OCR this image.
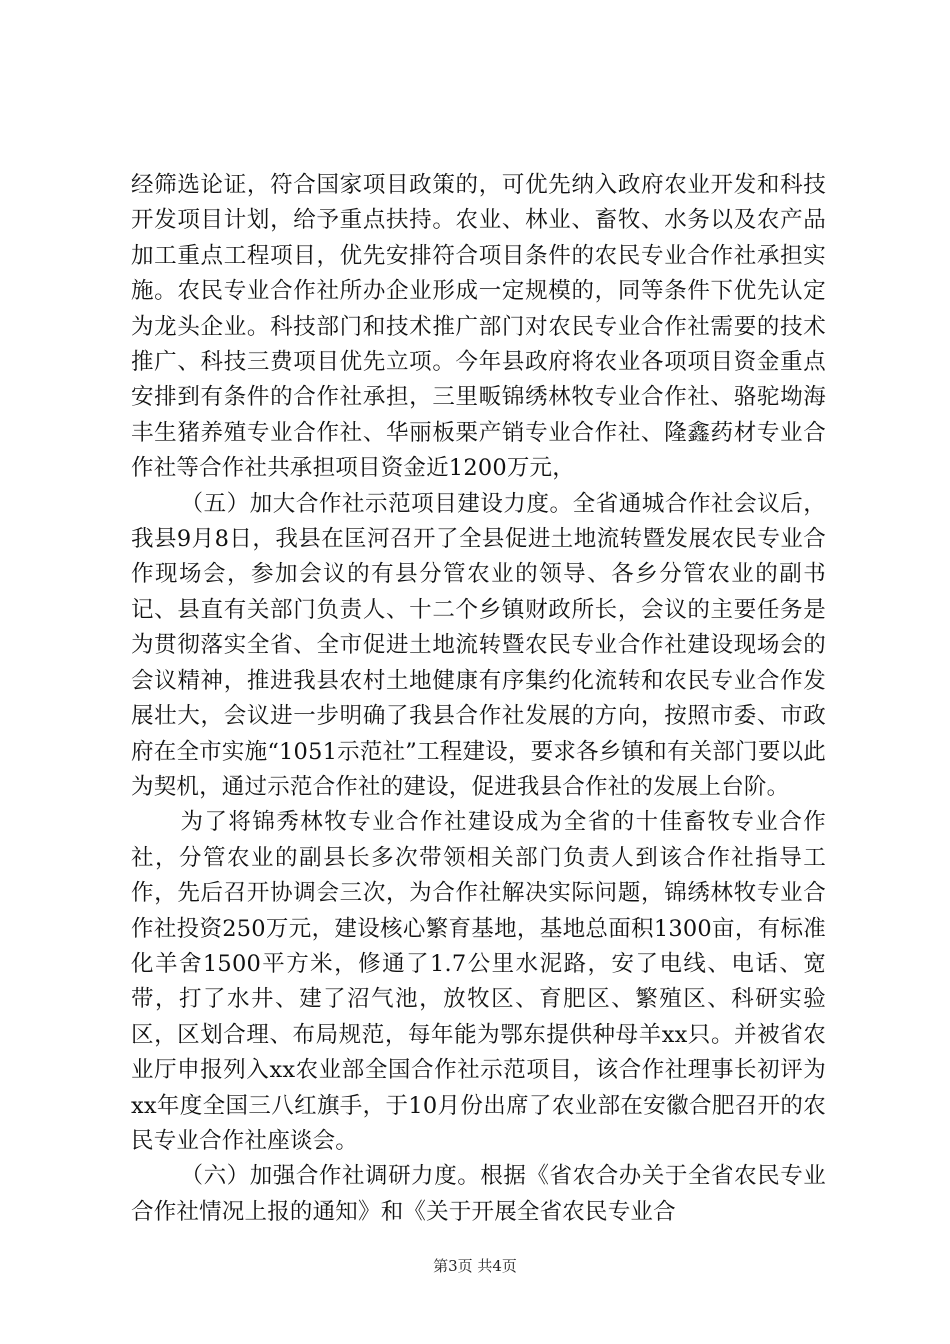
经筛选论证，符合国家项目政策的，可优先纳入政府农业开发和科技开发项目计划，给予重点扶持。农业、林业、畜牧、水务以及农产品加工重点工程项目，优先安排符合项目条件的农民专业合作社承担实施。农民专业合作社所办企业形成一定规模的，同等条件下优先认定为龙头企业。科技部门和技术推广部门对农民专业合作社需要的技术推广、科技三费项目优先立项。今年县政府将农业各项项目资金重点安排到有条件的合作社承担，三里畈锦绣林牧专业合作社、骆驼坳海丰生猪养殖专业合作社、华丽板栗产销专业合作社、隆鑫药材专业合作社等合作社共承担项目资金近1200万元，

（五）加大合作社示范项目建设力度。全省通城合作社会议后，我县9月8日，我县在匡河召开了全县促进土地流转暨发展农民专业合作现场会，参加会议的有县分管农业的领导、各乡分管农业的副书记、县直有关部门负责人、十二个乡镇财政所长，会议的主要任务是为贯彻落实全省、全市促进土地流转暨农民专业合作社建设现场会的会议精神，推进我县农村土地健康有序集约化流转和农民专业合作发展壮大，会议进一步明确了我县合作社发展的方向，按照市委、市政府在全市实施“1051示范社”工程建设，要求各乡镇和有关部门要以此为契机，通过示范合作社的建设，促进我县合作社的发展上台阶。

为了将锦秀林牧专业合作社建设成为全省的十佳畜牧专业合作社，分管农业的副县长多次带领相关部门负责人到该合作社指导工作，先后召开协调会三次，为合作社解决实际问题，锦绣林牧专业合作社投资250万元，建设核心繁育基地，基地总面积1300亩，有标准化羊舍1500平方米，修通了1.7公里水泥路，安了电线、电话、宽带，打了水井、建了沼气池，放牧区、育肥区、繁殖区、科研实验区，区划合理、布局规范，每年能为鄂东提供种母羊xx只。并被省农业厅申报列入xx农业部全国合作社示范项目，该合作社理事长初评为xx年度全国三八红旗手，于10月份出席了农业部在安徽合肥召开的农民专业合作社座谈会。

（六）加强合作社调研力度。根据《省农合办关于全省农民专业合作社情况上报的通知》和《关于开展全省农民专业合

第3页 共4页
